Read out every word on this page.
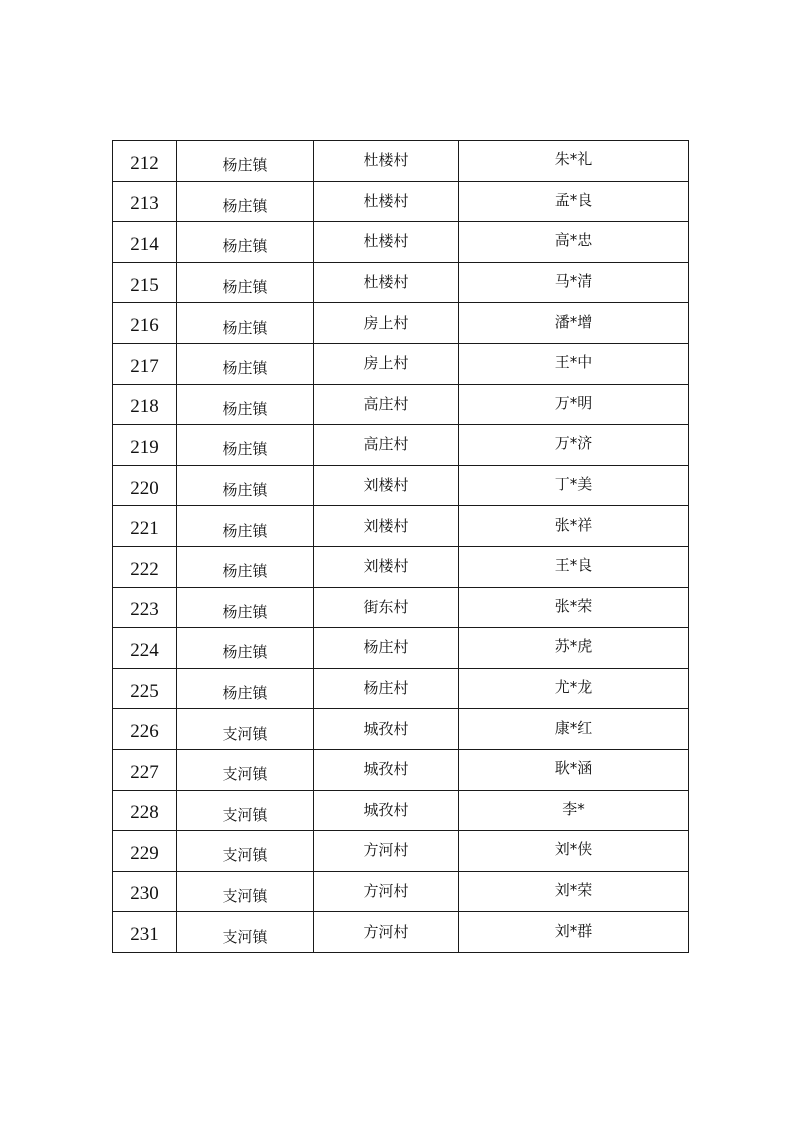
212	杨庄镇	杜楼村	朱*礼
213	杨庄镇	杜楼村	孟*良
214	杨庄镇	杜楼村	高*忠
215	杨庄镇	杜楼村	马*清
216	杨庄镇	房上村	潘*增
217	杨庄镇	房上村	王*中
218	杨庄镇	高庄村	万*明
219	杨庄镇	高庄村	万*济
220	杨庄镇	刘楼村	丁*美
221	杨庄镇	刘楼村	张*祥
222	杨庄镇	刘楼村	王*良
223	杨庄镇	街东村	张*荣
224	杨庄镇	杨庄村	苏*虎
225	杨庄镇	杨庄村	尤*龙
226	支河镇	城孜村	康*红
227	支河镇	城孜村	耿*涵
228	支河镇	城孜村	李*
229	支河镇	方河村	刘*侠
230	支河镇	方河村	刘*荣
231	支河镇	方河村	刘*群
